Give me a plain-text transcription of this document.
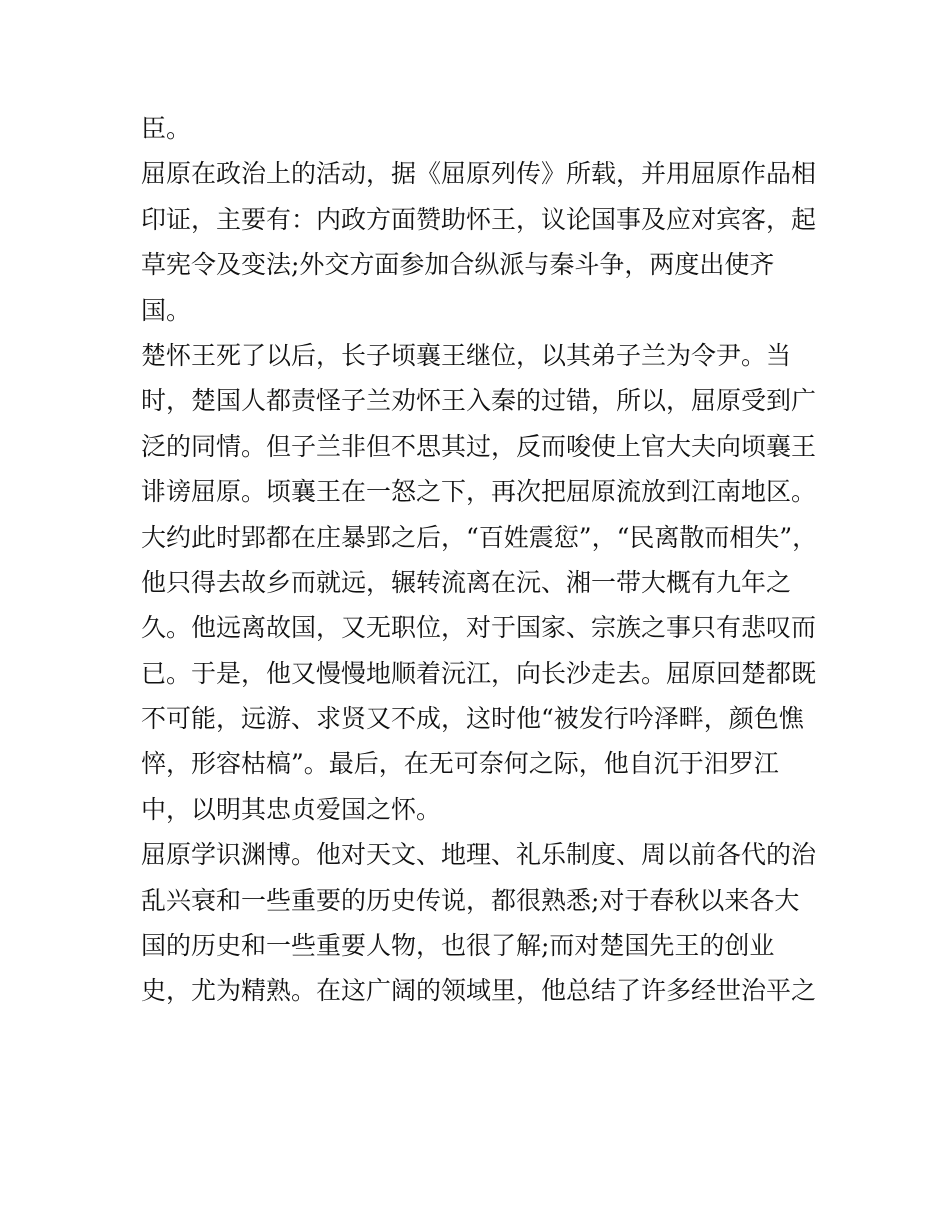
臣。
屈原在政治上的活动，据《屈原列传》所载，并用屈原作品相
印证，主要有：内政方面赞助怀王，议论国事及应对宾客，起
草宪令及变法;外交方面参加合纵派与秦斗争，两度出使齐
国。
楚怀王死了以后，长子顷襄王继位，以其弟子兰为令尹。当
时，楚国人都责怪子兰劝怀王入秦的过错，所以，屈原受到广
泛的同情。但子兰非但不思其过，反而唆使上官大夫向顷襄王
诽谤屈原。顷襄王在一怒之下，再次把屈原流放到江南地区。
大约此时郢都在庄暴郢之后，“百姓震愆”，“民离散而相失”，
他只得去故乡而就远，辗转流离在沅、湘一带大概有九年之
久。他远离故国，又无职位，对于国家、宗族之事只有悲叹而
已。于是，他又慢慢地顺着沅江，向长沙走去。屈原回楚都既
不可能，远游、求贤又不成，这时他“被发行吟泽畔，颜色憔
悴，形容枯槁”。最后，在无可奈何之际，他自沉于汨罗江
中，以明其忠贞爱国之怀。
屈原学识渊博。他对天文、地理、礼乐制度、周以前各代的治
乱兴衰和一些重要的历史传说，都很熟悉;对于春秋以来各大
国的历史和一些重要人物，也很了解;而对楚国先王的创业
史，尤为精熟。在这广阔的领域里，他总结了许多经世治平之
